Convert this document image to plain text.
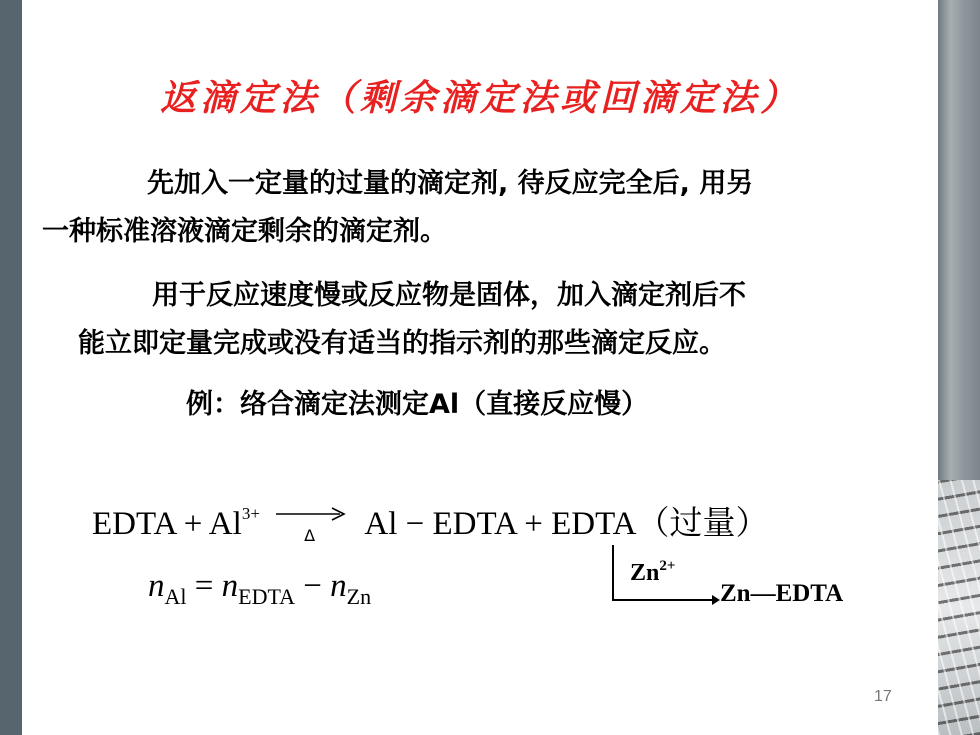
返滴定法（剩余滴定法或回滴定法）
先加入一定量的过量的滴定剂, 待反应完全后, 用另
一种标准溶液滴定剩余的滴定剂。
用于反应速度慢或反应物是固体，加入滴定剂后不
能立即定量完成或没有适当的指示剂的那些滴定反应。
例：络合滴定法测定Al（直接反应慢）
EDTA + Al3+
Δ Al − EDTA + EDTA（过量）
$n_{Al} = n_{EDTA} - n_{Zn}$
$Zn^{2+}$
Zn—EDTA
17
